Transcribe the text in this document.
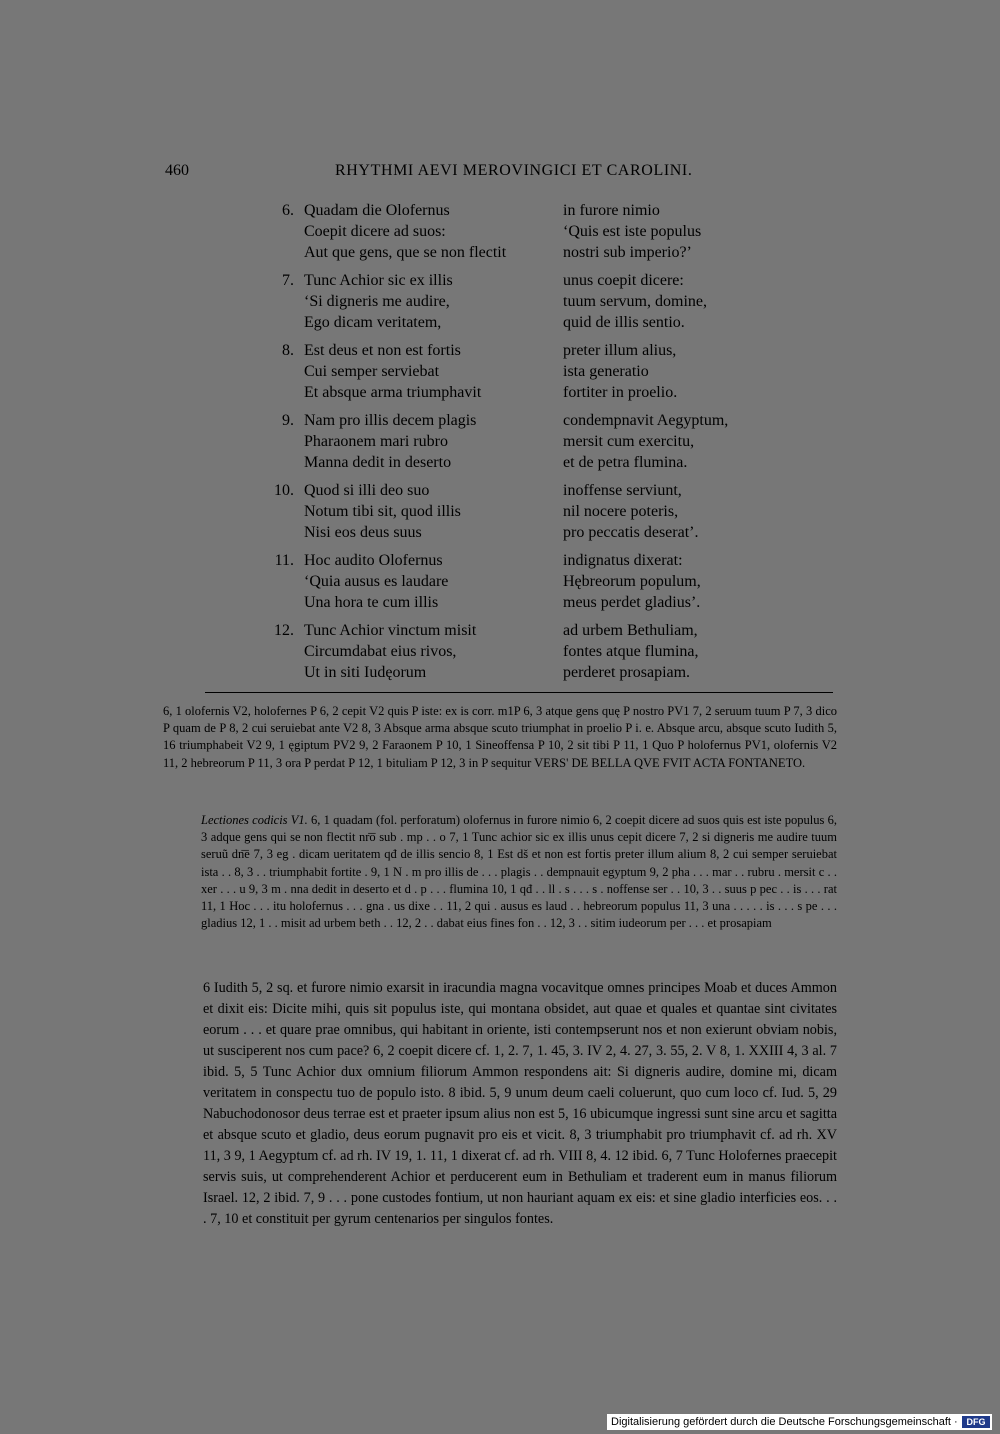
460	RHYTHMI AEVI MEROVINGICI ET CAROLINI.
6. Quadam die Olofernus	in furore nimio
Coepit dicere ad suos:	‘Quis est iste populus
Aut que gens, que se non flectit	nostri sub imperio?’
7. Tunc Achior sic ex illis	unus coepit dicere:
‘Si digneris me audire,	tuum servum, domine,
Ego dicam veritatem,	quid de illis sentio.
8. Est deus et non est fortis	preter illum alius,
Cui semper serviebat	ista generatio
Et absque arma triumphavit	fortiter in proelio.
9. Nam pro illis decem plagis	condempnavit Aegyptum,
Pharaonem mari rubro	mersit cum exercitu,
Manna dedit in deserto	et de petra flumina.
10. Quod si illi deo suo	inoffense serviunt,
Notum tibi sit, quod illis	nil nocere poteris,
Nisi eos deus suus	pro peccatis deserat’.
11. Hoc audito Olofernus	indignatus dixerat:
‘Quia ausus es laudare	Hębreorum populum,
Una hora te cum illis	meus perdet gladius’.
12. Tunc Achior vinctum misit	ad urbem Bethuliam,
Circumdabat eius rivos,	fontes atque flumina,
Ut in siti Iudęorum	perderet prosapiam.
6, 1 olofernis V2, holofernes P 6, 2 cepit V2 quis P iste: ex is corr. m1P 6, 3 atque gens quę P nostro PV1 7, 2 seruum tuum P 7, 3 dico P quam de P 8, 2 cui seruiebat ante V2 8, 3 Absque arma absque scuto triumphat in proelio P i. e. Absque arcu, absque scuto Iudith 5, 16 triumphabeit V2 9, 1 ęgiptum PV2 9, 2 Faraonem P 10, 1 Sineoffensa P 10, 2 sit tibi P 11, 1 Quo P holofernus PV1, olofernis V2 11, 2 hebreorum P 11, 3 ora P perdat P 12, 1 bituliam P 12, 3 in P sequitur VERS' DE BELLA QVE FVIT ACTA FONTANETO.
Lectiones codicis V1. 6, 1 quadam (fol. perforatum) olofernus in furore nimio 6, 2 coepit dicere ad suos quis est iste populus 6, 3 adque gens qui se non flectit nr͞o sub . mp . . o 7, 1 Tunc achior sic ex illis unus cepit dicere 7, 2 si digneris me audire tuum seruũ dn͞e 7, 3 eg . dicam ueritatem qđ de illis sencio 8, 1 Est dš et non est fortis preter illum alium 8, 2 cui semper seruiebat ista . . 8, 3 . . triumphabit fortite . 9, 1 N . m pro illis de . . . plagis . . dempnauit egyptum 9, 2 pha . . . mar . . rubru . mersit c . . xer . . . u 9, 3 m . nna dedit in deserto et d . p . . . flumina 10, 1 qđ . . ll . s . . . s . noffense ser . . 10, 3 . . suus p pec . . is . . . rat 11, 1 Hoc . . . itu holofernus . . . gna . us dixe . . 11, 2 qui . ausus es laud . . hebreorum populus 11, 3 una . . . . . is . . . s pe . . . gladius 12, 1 . . misit ad urbem beth . . 12, 2 . . dabat eius fines fon . . 12, 3 . . sitim iudeorum per . . . et prosapiam
6 Iudith 5, 2 sq. et furore nimio exarsit in iracundia magna vocavitque omnes principes Moab et duces Ammon et dixit eis: Dicite mihi, quis sit populus iste, qui montana obsidet, aut quae et quales et quantae sint civitates eorum . . . et quare prae omnibus, qui habitant in oriente, isti contempserunt nos et non exierunt obviam nobis, ut susciperent nos cum pace? 6, 2 coepit dicere cf. 1, 2. 7, 1. 45, 3. IV 2, 4. 27, 3. 55, 2. V 8, 1. XXIII 4, 3 al. 7 ibid. 5, 5 Tunc Achior dux omnium filiorum Ammon respondens ait: Si digneris audire, domine mi, dicam veritatem in conspectu tuo de populo isto. 8 ibid. 5, 9 unum deum caeli coluerunt, quo cum loco cf. Iud. 5, 29 Nabuchodonosor deus terrae est et praeter ipsum alius non est 5, 16 ubicumque ingressi sunt sine arcu et sagitta et absque scuto et gladio, deus eorum pugnavit pro eis et vicit. 8, 3 triumphabit pro triumphavit cf. ad rh. XV 11, 3 9, 1 Aegyptum cf. ad rh. IV 19, 1. 11, 1 dixerat cf. ad rh. VIII 8, 4. 12 ibid. 6, 7 Tunc Holofernes praecepit servis suis, ut comprehenderent Achior et perducerent eum in Bethuliam et traderent eum in manus filiorum Israel. 12, 2 ibid. 7, 9 . . . pone custodes fontium, ut non hauriant aquam ex eis: et sine gladio interficies eos. . . . 7, 10 et constituit per gyrum centenarios per singulos fontes.
Digitalisierung gefördert durch die Deutsche Forschungsgemeinschaft · DFG
